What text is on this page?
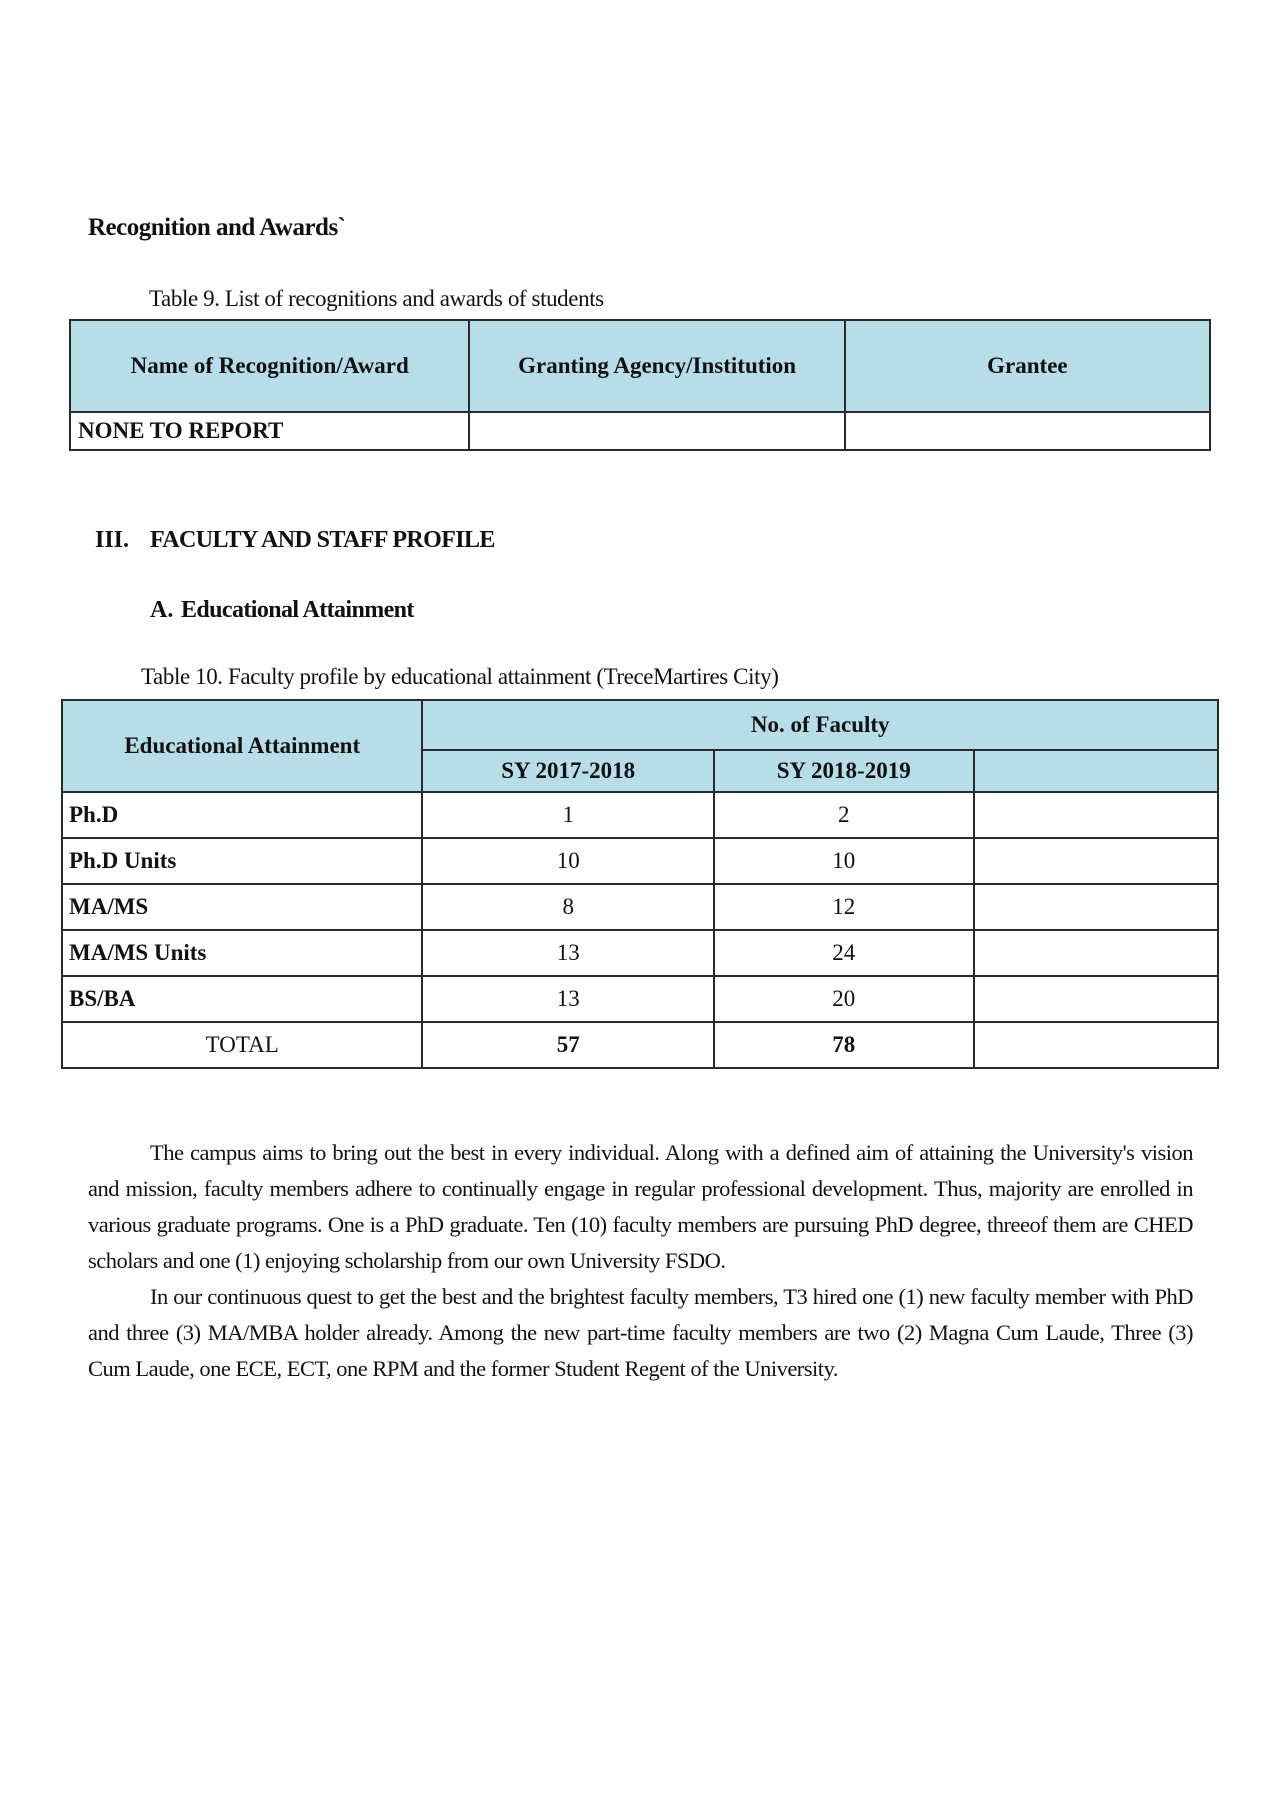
Recognition and Awards`
Table 9. List of recognitions and awards of students
Name of Recognition/Award	Granting Agency/Institution	Grantee
NONE TO REPORT		
III. FACULTY AND STAFF PROFILE
A. Educational Attainment
Table 10. Faculty profile by educational attainment (TreceMartires City)
Educational Attainment	No. of Faculty		
	SY 2017-2018	SY 2018-2019	
Ph.D	1	2	
Ph.D Units	10	10	
MA/MS	8	12	
MA/MS Units	13	24	
BS/BA	13	20	
TOTAL	57	78	

The campus aims to bring out the best in every individual. Along with a defined aim of attaining the University's vision and mission, faculty members adhere to continually engage in regular professional development. Thus, majority are enrolled in various graduate programs. One is a PhD graduate. Ten (10) faculty members are pursuing PhD degree, threeof them are CHED scholars and one (1) enjoying scholarship from our own University FSDO.

In our continuous quest to get the best and the brightest faculty members, T3 hired one (1) new faculty member with PhD and three (3) MA/MBA holder already. Among the new part-time faculty members are two (2) Magna Cum Laude, Three (3) Cum Laude, one ECE, ECT, one RPM and the former Student Regent of the University.
